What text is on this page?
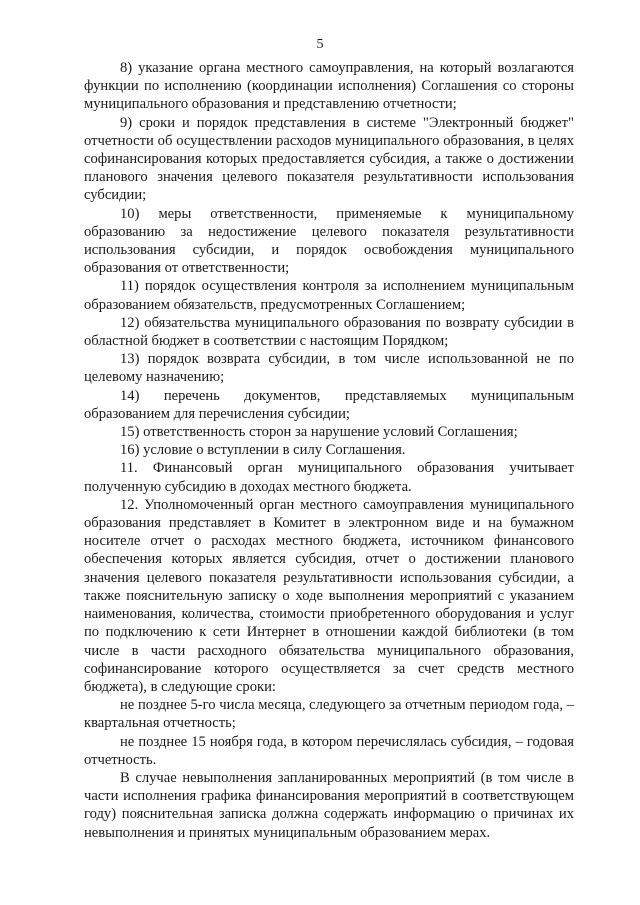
5

8) указание органа местного самоуправления, на который возлагаются функции по исполнению (координации исполнения) Соглашения со стороны муниципального образования и представлению отчетности;

9) сроки и порядок представления в системе "Электронный бюджет" отчетности об осуществлении расходов муниципального образования, в целях софинансирования которых предоставляется субсидия, а также о достижении планового значения целевого показателя результативности использования субсидии;

10) меры ответственности, применяемые к муниципальному образованию за недостижение целевого показателя результативности использования субсидии, и порядок освобождения муниципального образования от ответственности;

11) порядок осуществления контроля за исполнением муниципальным образованием обязательств, предусмотренных Соглашением;

12) обязательства муниципального образования по возврату субсидии в областной бюджет в соответствии с настоящим Порядком;

13) порядок возврата субсидии, в том числе использованной не по целевому назначению;

14) перечень документов, представляемых муниципальным образованием для перечисления субсидии;

15) ответственность сторон за нарушение условий Соглашения;

16) условие о вступлении в силу Соглашения.

11. Финансовый орган муниципального образования учитывает полученную субсидию в доходах местного бюджета.

12. Уполномоченный орган местного самоуправления муниципального образования представляет в Комитет в электронном виде и на бумажном носителе отчет о расходах местного бюджета, источником финансового обеспечения которых является субсидия, отчет о достижении планового значения целевого показателя результативности использования субсидии, а также пояснительную записку о ходе выполнения мероприятий с указанием наименования, количества, стоимости приобретенного оборудования и услуг по подключению к сети Интернет в отношении каждой библиотеки (в том числе в части расходного обязательства муниципального образования, софинансирование которого осуществляется за счет средств местного бюджета), в следующие сроки:

не позднее 5-го числа месяца, следующего за отчетным периодом года, – квартальная отчетность;

не позднее 15 ноября года, в котором перечислялась субсидия, – годовая отчетность.

В случае невыполнения запланированных мероприятий (в том числе в части исполнения графика финансирования мероприятий в соответствующем году) пояснительная записка должна содержать информацию о причинах их невыполнения и принятых муниципальным образованием мерах.
